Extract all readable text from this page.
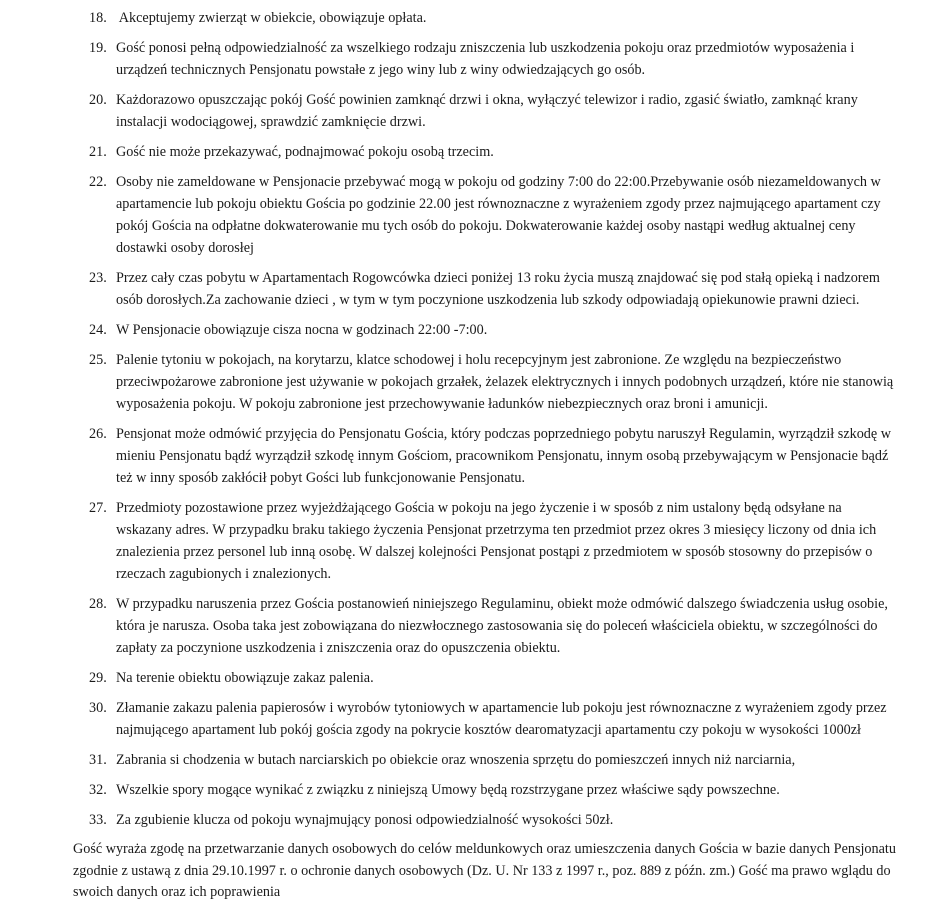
18. Akceptujemy zwierząt w obiekcie, obowiązuje opłata.
19. Gość ponosi pełną odpowiedzialność za wszelkiego rodzaju zniszczenia lub uszkodzenia pokoju oraz przedmiotów wyposażenia i urządzeń technicznych Pensjonatu powstałe z jego winy lub z winy odwiedzających go osób.
20. Każdorazowo opuszczając pokój Gość powinien zamknąć drzwi i okna, wyłączyć telewizor i radio, zgasić światło, zamknąć krany instalacji wodociągowej, sprawdzić zamknięcie drzwi.
21. Gość nie może przekazywać, podnajmować pokoju osobą trzecim.
22. Osoby nie zameldowane w Pensjonacie przebywać mogą w pokoju od godziny 7:00 do 22:00.Przebywanie osób niezameldowanych w apartamencie lub pokoju obiektu Gościa po godzinie 22.00 jest równoznaczne z wyrażeniem zgody przez najmującego apartament czy pokój Gościa na odpłatne dokwaterowanie mu tych osób do pokoju. Dokwaterowanie każdej osoby nastąpi według aktualnej ceny dostawki osoby dorosłej
23. Przez cały czas pobytu w Apartamentach Rogowcówka dzieci poniżej 13 roku życia muszą znajdować się pod stałą opieką i nadzorem osób dorosłych.Za zachowanie dzieci , w tym w tym poczynione uszkodzenia lub szkody odpowiadają opiekunowie prawni dzieci.
24. W Pensjonacie obowiązuje cisza nocna w godzinach 22:00 -7:00.
25. Palenie tytoniu w pokojach, na korytarzu, klatce schodowej i holu recepcyjnym jest zabronione. Ze względu na bezpieczeństwo przeciwpożarowe zabronione jest używanie w pokojach grzałek, żelazek elektrycznych i innych podobnych urządzeń, które nie stanowią wyposażenia pokoju. W pokoju zabronione jest przechowywanie ładunków niebezpiecznych oraz broni i amunicji.
26. Pensjonat może odmówić przyjęcia do Pensjonatu Gościa, który podczas poprzedniego pobytu naruszył Regulamin, wyrządził szkodę w mieniu Pensjonatu bądź wyrządził szkodę innym Gościom, pracownikom Pensjonatu, innym osobą przebywającym w Pensjonacie bądź też w inny sposób zakłócił pobyt Gości lub funkcjonowanie Pensjonatu.
27. Przedmioty pozostawione przez wyjeżdżającego Gościa w pokoju na jego życzenie i w sposób z nim ustalony będą odsyłane na wskazany adres. W przypadku braku takiego życzenia Pensjonat przetrzyma ten przedmiot przez okres 3 miesięcy liczony od dnia ich znalezienia przez personel lub inną osobę. W dalszej kolejności Pensjonat postąpi z przedmiotem w sposób stosowny do przepisów o rzeczach zagubionych i znalezionych.
28. W przypadku naruszenia przez Gościa postanowień niniejszego Regulaminu, obiekt może odmówić dalszego świadczenia usług osobie, która je narusza. Osoba taka jest zobowiązana do niezwłocznego zastosowania się do poleceń właściciela obiektu, w szczególności do zapłaty za poczynione uszkodzenia i zniszczenia oraz do opuszczenia obiektu.
29. Na terenie obiektu obowiązuje zakaz palenia.
30. Złamanie zakazu palenia papierosów i wyrobów tytoniowych w apartamencie lub pokoju jest równoznaczne z wyrażeniem zgody przez najmującego apartament lub pokój gościa zgody na pokrycie kosztów dearomatyzacji apartamentu czy pokoju w wysokości 1000zł
31. Zabrania si chodzenia w butach narciarskich po obiekcie oraz wnoszenia sprzętu do pomieszczeń innych niż narciarnia,
32. Wszelkie spory mogące wynikać z związku z niniejszą Umowy będą rozstrzygane przez właściwe sądy powszechne.
33. Za zgubienie klucza od pokoju wynajmujący ponosi odpowiedzialność wysokości 50zł.
Gość wyraża zgodę na przetwarzanie danych osobowych do celów meldunkowych oraz umieszczenia danych Gościa w bazie danych Pensjonatu zgodnie z ustawą z dnia 29.10.1997 r. o ochronie danych osobowych (Dz. U. Nr 133 z 1997 r., poz. 889 z późn. zm.) Gość ma prawo wglądu do swoich danych oraz ich poprawienia
